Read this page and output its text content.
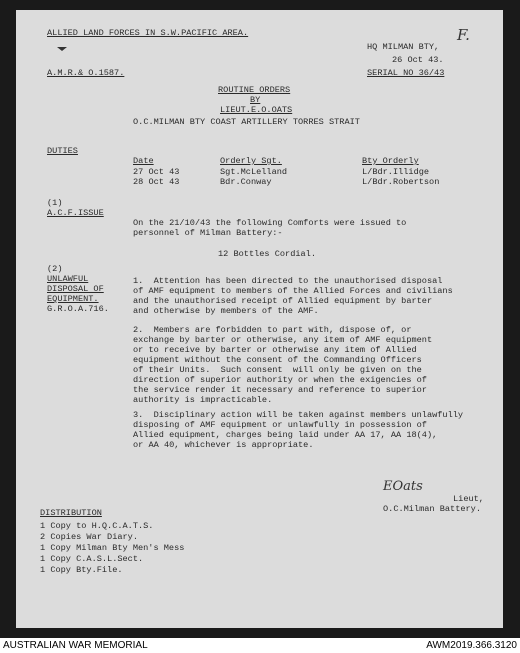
ALLIED LAND FORCES IN S.W.PACIFIC AREA.
HQ MILMAN BTY,
F.
26 Oct 43.
A.M.R.& O.1587.	SERIAL NO 36/43
ROUTINE ORDERS
BY
LIEUT.E.O.OATS
O.C.MILMAN BTY COAST ARTILLERY TORRES STRAIT
DUTIES
Date	Orderly Sgt.	Bty Orderly
27 Oct 43	Sgt.McLelland	L/Bdr.Illidge
28 Oct 43	Bdr.Conway	L/Bdr.Robertson
(1)
A.C.F.ISSUE
On the 21/10/43 the following Comforts were issued to
personnel of Milman Battery:-
12 Bottles Cordial.
(2)
UNLAWFUL
DISPOSAL OF
EQUIPMENT.
G.R.O.A.716.
1.  Attention has been directed to the unauthorised disposal
of AMF equipment to members of the Allied Forces and civilians
and the unauthorised receipt of Allied equipment by barter
and otherwise by members of the AMF.
2.  Members are forbidden to part with, dispose of, or
exchange by barter or otherwise, any item of AMF equipment
or to receive by barter or otherwise any item of Allied
equipment without the consent of the Commanding Officers
of their Units.  Such consent  will only be given on the
direction of superior authority or when the exigencies of
the service render it necessary and reference to superior
authority is impracticable.
3.  Disciplinary action will be taken against members unlawfully
disposing of AMF equipment or unlawfully in possession of
Allied equipment, charges being laid under AA 17, AA 18(4),
or AA 40, whichever is appropriate.
EOats
Lieut,
O.C.Milman Battery.
DISTRIBUTION
1 Copy to H.Q.C.A.T.S.
2 Copies War Diary.
1 Copy Milman Bty Men's Mess
1 Copy C.A.S.L.Sect.
1 Copy Bty.File.
AUSTRALIAN WAR MEMORIAL	AWM2019.366.3120
